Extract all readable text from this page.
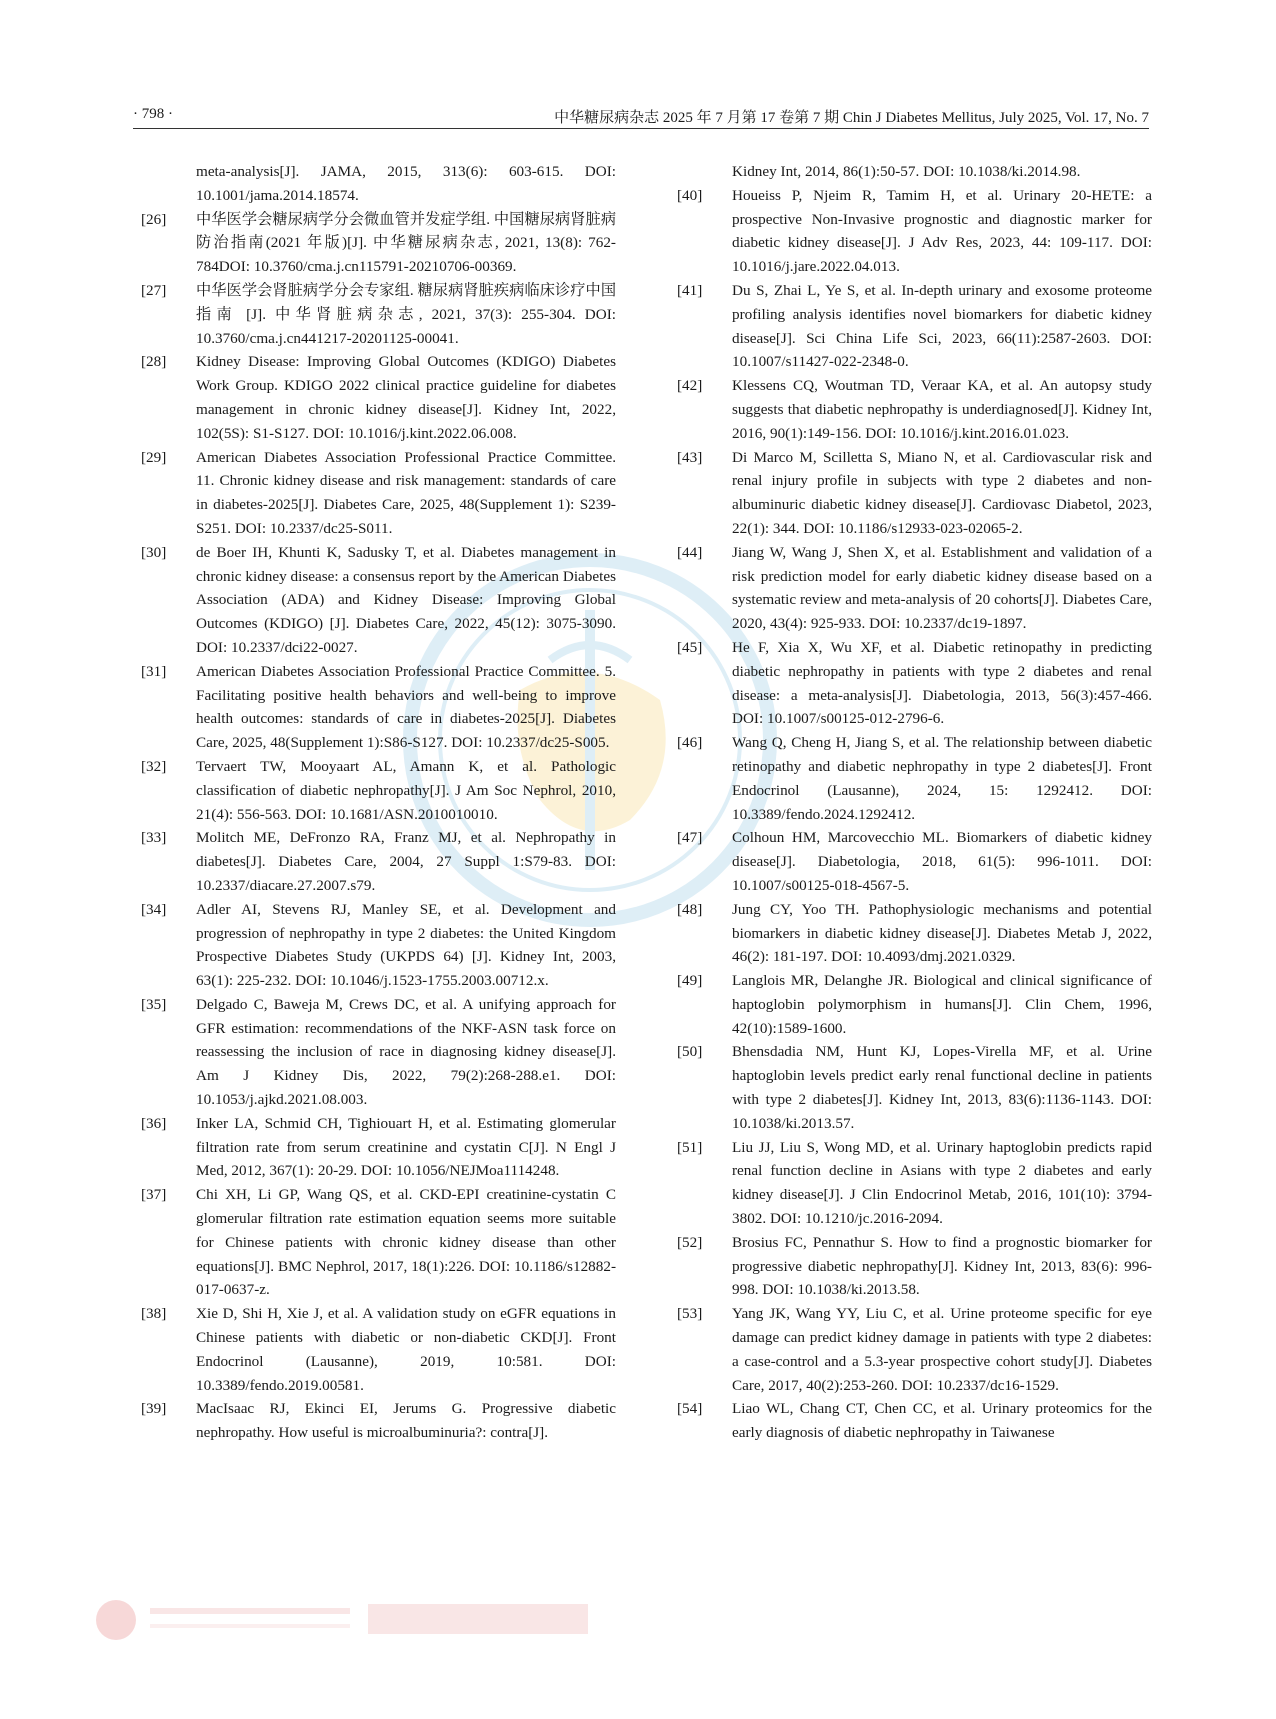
· 798 ·	中华糖尿病杂志 2025 年 7 月第 17 卷第 7 期 Chin J Diabetes Mellitus, July 2025, Vol. 17, No. 7
meta-analysis[J]. JAMA, 2015, 313(6): 603-615. DOI: 10.1001/jama.2014.18574.
[26] 中华医学会糖尿病学分会微血管并发症学组. 中国糖尿病肾脏病防治指南(2021 年版)[J]. 中华糖尿病杂志, 2021, 13(8): 762-784DOI: 10.3760/cma.j.cn115791-20210706-00369.
[27] 中华医学会肾脏病学分会专家组. 糖尿病肾脏疾病临床诊疗中国指南 [J]. 中华肾脏病杂志, 2021, 37(3): 255-304. DOI: 10.3760/cma.j.cn441217-20201125-00041.
[28] Kidney Disease: Improving Global Outcomes (KDIGO) Diabetes Work Group. KDIGO 2022 clinical practice guideline for diabetes management in chronic kidney disease[J]. Kidney Int, 2022, 102(5S): S1-S127. DOI: 10.1016/j.kint.2022.06.008.
[29] American Diabetes Association Professional Practice Committee. 11. Chronic kidney disease and risk management: standards of care in diabetes-2025[J]. Diabetes Care, 2025, 48(Supplement 1): S239-S251. DOI: 10.2337/dc25-S011.
[30] de Boer IH, Khunti K, Sadusky T, et al. Diabetes management in chronic kidney disease: a consensus report by the American Diabetes Association (ADA) and Kidney Disease: Improving Global Outcomes (KDIGO) [J]. Diabetes Care, 2022, 45(12): 3075-3090. DOI: 10.2337/dci22-0027.
[31] American Diabetes Association Professional Practice Committee. 5. Facilitating positive health behaviors and well-being to improve health outcomes: standards of care in diabetes-2025[J]. Diabetes Care, 2025, 48(Supplement 1):S86-S127. DOI: 10.2337/dc25-S005.
[32] Tervaert TW, Mooyaart AL, Amann K, et al. Pathologic classification of diabetic nephropathy[J]. J Am Soc Nephrol, 2010, 21(4): 556-563. DOI: 10.1681/ASN.2010010010.
[33] Molitch ME, DeFronzo RA, Franz MJ, et al. Nephropathy in diabetes[J]. Diabetes Care, 2004, 27 Suppl 1:S79-83. DOI: 10.2337/diacare.27.2007.s79.
[34] Adler AI, Stevens RJ, Manley SE, et al. Development and progression of nephropathy in type 2 diabetes: the United Kingdom Prospective Diabetes Study (UKPDS 64) [J]. Kidney Int, 2003, 63(1): 225-232. DOI: 10.1046/j.1523-1755.2003.00712.x.
[35] Delgado C, Baweja M, Crews DC, et al. A unifying approach for GFR estimation: recommendations of the NKF-ASN task force on reassessing the inclusion of race in diagnosing kidney disease[J]. Am J Kidney Dis, 2022, 79(2):268-288.e1. DOI: 10.1053/j.ajkd.2021.08.003.
[36] Inker LA, Schmid CH, Tighiouart H, et al. Estimating glomerular filtration rate from serum creatinine and cystatin C[J]. N Engl J Med, 2012, 367(1): 20-29. DOI: 10.1056/NEJMoa1114248.
[37] Chi XH, Li GP, Wang QS, et al. CKD-EPI creatinine-cystatin C glomerular filtration rate estimation equation seems more suitable for Chinese patients with chronic kidney disease than other equations[J]. BMC Nephrol, 2017, 18(1):226. DOI: 10.1186/s12882-017-0637-z.
[38] Xie D, Shi H, Xie J, et al. A validation study on eGFR equations in Chinese patients with diabetic or non-diabetic CKD[J]. Front Endocrinol (Lausanne), 2019, 10:581. DOI: 10.3389/fendo.2019.00581.
[39] MacIsaac RJ, Ekinci EI, Jerums G. Progressive diabetic nephropathy. How useful is microalbuminuria?: contra[J].
Kidney Int, 2014, 86(1):50-57. DOI: 10.1038/ki.2014.98.
[40] Houeiss P, Njeim R, Tamim H, et al. Urinary 20-HETE: a prospective Non-Invasive prognostic and diagnostic marker for diabetic kidney disease[J]. J Adv Res, 2023, 44: 109-117. DOI: 10.1016/j.jare.2022.04.013.
[41] Du S, Zhai L, Ye S, et al. In-depth urinary and exosome proteome profiling analysis identifies novel biomarkers for diabetic kidney disease[J]. Sci China Life Sci, 2023, 66(11):2587-2603. DOI: 10.1007/s11427-022-2348-0.
[42] Klessens CQ, Woutman TD, Veraar KA, et al. An autopsy study suggests that diabetic nephropathy is underdiagnosed[J]. Kidney Int, 2016, 90(1):149-156. DOI: 10.1016/j.kint.2016.01.023.
[43] Di Marco M, Scilletta S, Miano N, et al. Cardiovascular risk and renal injury profile in subjects with type 2 diabetes and non-albuminuric diabetic kidney disease[J]. Cardiovasc Diabetol, 2023, 22(1): 344. DOI: 10.1186/s12933-023-02065-2.
[44] Jiang W, Wang J, Shen X, et al. Establishment and validation of a risk prediction model for early diabetic kidney disease based on a systematic review and meta-analysis of 20 cohorts[J]. Diabetes Care, 2020, 43(4): 925-933. DOI: 10.2337/dc19-1897.
[45] He F, Xia X, Wu XF, et al. Diabetic retinopathy in predicting diabetic nephropathy in patients with type 2 diabetes and renal disease: a meta-analysis[J]. Diabetologia, 2013, 56(3):457-466. DOI: 10.1007/s00125-012-2796-6.
[46] Wang Q, Cheng H, Jiang S, et al. The relationship between diabetic retinopathy and diabetic nephropathy in type 2 diabetes[J]. Front Endocrinol (Lausanne), 2024, 15: 1292412. DOI: 10.3389/fendo.2024.1292412.
[47] Colhoun HM, Marcovecchio ML. Biomarkers of diabetic kidney disease[J]. Diabetologia, 2018, 61(5): 996-1011. DOI: 10.1007/s00125-018-4567-5.
[48] Jung CY, Yoo TH. Pathophysiologic mechanisms and potential biomarkers in diabetic kidney disease[J]. Diabetes Metab J, 2022, 46(2): 181-197. DOI: 10.4093/dmj.2021.0329.
[49] Langlois MR, Delanghe JR. Biological and clinical significance of haptoglobin polymorphism in humans[J]. Clin Chem, 1996, 42(10):1589-1600.
[50] Bhensdadia NM, Hunt KJ, Lopes-Virella MF, et al. Urine haptoglobin levels predict early renal functional decline in patients with type 2 diabetes[J]. Kidney Int, 2013, 83(6):1136-1143. DOI: 10.1038/ki.2013.57.
[51] Liu JJ, Liu S, Wong MD, et al. Urinary haptoglobin predicts rapid renal function decline in Asians with type 2 diabetes and early kidney disease[J]. J Clin Endocrinol Metab, 2016, 101(10): 3794-3802. DOI: 10.1210/jc.2016-2094.
[52] Brosius FC, Pennathur S. How to find a prognostic biomarker for progressive diabetic nephropathy[J]. Kidney Int, 2013, 83(6): 996-998. DOI: 10.1038/ki.2013.58.
[53] Yang JK, Wang YY, Liu C, et al. Urine proteome specific for eye damage can predict kidney damage in patients with type 2 diabetes: a case-control and a 5.3-year prospective cohort study[J]. Diabetes Care, 2017, 40(2):253-260. DOI: 10.2337/dc16-1529.
[54] Liao WL, Chang CT, Chen CC, et al. Urinary proteomics for the early diagnosis of diabetic nephropathy in Taiwanese
